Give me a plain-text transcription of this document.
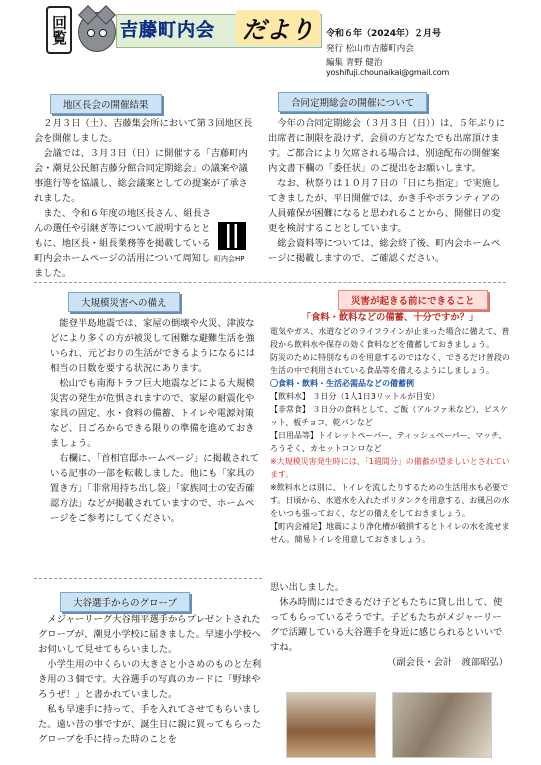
回覧	吉藤町内会 だより	令和６年（2024年）２月号
発行 松山市吉藤町内会
編集 青野 健治
yoshifuji.chounaikai@gmail.com
地区長会の開催結果

２月３日（土）、吉藤集会所において第３回地区長会を開催しました。

会議では、３月３日（日）に開催する「吉藤町内会・潮見公民館吉藤分館合同定期総会」の議案や議事進行等を協議し、総会議案としての提案が了承されました。

また、令和６年度の地区長さん、組長さんの選任や引継ぎ等について説明するとともに、地区長・組長業務等を掲載している町内会ホームページの活用について周知しました。

町内会HP
合同定期総会の開催について

今年の合同定期総会（３月３日（日））は、５年ぶりに出席者に制限を設けず、会員の方どなたでも出席頂けます。ご都合により欠席される場合は、別途配布の開催案内文書下欄の「委任状」のご提出をお願いします。

なお、秋祭りは１０月７日の「日にち指定」で実施してきましたが、平日開催では、かき手やボランティアの人員確保が困難になると思われることから、開催日の変更を検討することとしています。

総会資料等については、総会終了後、町内会ホームページに掲載しますので、ご確認ください。

大規模災害への備え

能登半島地震では、家屋の倒壊や火災、津波などにより多くの方が被災して困難な避難生活を強いられ、元どおりの生活ができるようになるには相当の日数を要する状況にあります。

松山でも南海トラフ巨大地震などによる大規模災害の発生が危惧されますので、家屋の耐震化や家具の固定、水・食料の備蓄、トイレや電源対策など、日ごろからできる限りの準備を進めておきましょう。

右欄に、「首相官邸ホームページ」に掲載されている記事の一部を転載しました。他にも「家具の置き方」「非常用持ち出し袋」「家族同士の安否確認方法」などが掲載されていますので、ホームページをご参考にしてください。

災害が起きる前にできること

「食料・飲料などの備蓄、十分ですか？」

電気やガス、水道などのライフラインが止まった場合に備えて、普段から飲料水や保存の効く食料などを備蓄しておきましょう。

防災のために特別なものを用意するのではなく、できるだけ普段の生活の中で利用されている食品等を備えるようにしましょう。

〇食料・飲料・生活必需品などの備蓄例

【飲料水】 ３日分（1人1日3リットルが目安）

【非常食】 ３日分の食料として、ご飯（アルファ米など）、ビスケット、板チョコ、乾パンなど

【日用品等】トイレットペーパー、ティッシュペーパー、マッチ、ろうそく、カセットコンロなど

※大規模災害発生時には、「1週間分」の備蓄が望ましいとされています。

※飲料水とは別に、トイレを流したりするための生活用水も必要です。日頃から、水道水を入れたポリタンクを用意する、お風呂の水をいつも張っておく、などの備えをしておきましょう。

【町内会補足】地震により浄化槽が破損するとトイレの水を流せません。簡易トイレを用意しておきましょう。

大谷選手からのグローブ

メジャーリーグ大谷翔平選手からプレゼントされたグローブが、潮見小学校に届きました。早速小学校へお伺いして見せてもらいました。

小学生用の中くらいの大きさと小さめのものと左利き用の３個です。大谷選手の写真のカードに「野球やろうぜ！」と書かれていました。

私も早速手に持って、手を入れてさせてもらいました。遠い昔の事ですが、誕生日に親に買ってもらったグローブを手に持った時のことを

思い出しました。

休み時間にはできるだけ子どもたちに貸し出して、使ってもらっているそうです。子どもたちがメジャーリーグで活躍している大谷選手を身近に感じられるといいですね。

（副会長・会計　渡部昭弘）
